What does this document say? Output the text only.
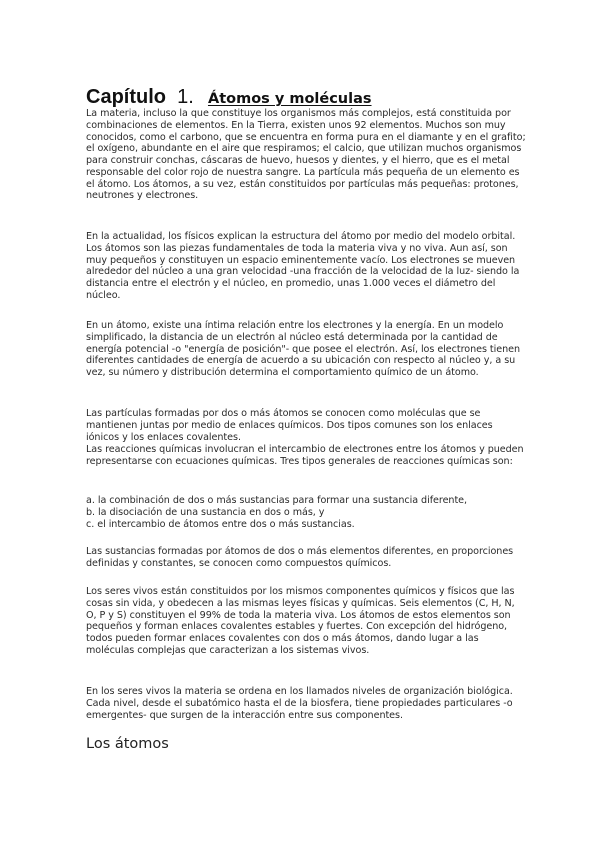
Capítulo 1. Átomos y moléculas

La materia, incluso la que constituye los organismos más complejos, está constituida por combinaciones de elementos. En la Tierra, existen unos 92 elementos. Muchos son muy conocidos, como el carbono, que se encuentra en forma pura en el diamante y en el grafito; el oxígeno, abundante en el aire que respiramos; el calcio, que utilizan muchos organismos para construir conchas, cáscaras de huevo, huesos y dientes, y el hierro, que es el metal responsable del color rojo de nuestra sangre. La partícula más pequeña de un elemento es el átomo. Los átomos, a su vez, están constituidos por partículas más pequeñas: protones, neutrones y electrones.

En la actualidad, los físicos explican la estructura del átomo por medio del modelo orbital. Los átomos son las piezas fundamentales de toda la materia viva y no viva. Aun así, son muy pequeños y constituyen un espacio eminentemente vacío. Los electrones se mueven alrededor del núcleo a una gran velocidad -una fracción de la velocidad de la luz- siendo la distancia entre el electrón y el núcleo, en promedio, unas 1.000 veces el diámetro del núcleo.

En un átomo, existe una íntima relación entre los electrones y la energía. En un modelo simplificado, la distancia de un electrón al núcleo está determinada por la cantidad de energía potencial -o "energía de posición"- que posee el electrón. Así, los electrones tienen diferentes cantidades de energía de acuerdo a su ubicación con respecto al núcleo y, a su vez, su número y distribución determina el comportamiento químico de un átomo.

Las partículas formadas por dos o más átomos se conocen como moléculas que se mantienen juntas por medio de enlaces químicos. Dos tipos comunes son los enlaces iónicos y los enlaces covalentes.

Las reacciones químicas involucran el intercambio de electrones entre los átomos y pueden representarse con ecuaciones químicas. Tres tipos generales de reacciones químicas son:

a. la combinación de dos o más sustancias para formar una sustancia diferente,
b. la disociación de una sustancia en dos o más, y
c. el intercambio de átomos entre dos o más sustancias.

Las sustancias formadas por átomos de dos o más elementos diferentes, en proporciones definidas y constantes, se conocen como compuestos químicos.

Los seres vivos están constituidos por los mismos componentes químicos y físicos que las cosas sin vida, y obedecen a las mismas leyes físicas y químicas. Seis elementos (C, H, N, O, P y S) constituyen el 99% de toda la materia viva. Los átomos de estos elementos son pequeños y forman enlaces covalentes estables y fuertes. Con excepción del hidrógeno, todos pueden formar enlaces covalentes con dos o más átomos, dando lugar a las moléculas complejas que caracterizan a los sistemas vivos.

En los seres vivos la materia se ordena en los llamados niveles de organización biológica. Cada nivel, desde el subatómico hasta el de la biosfera, tiene propiedades particulares -o emergentes- que surgen de la interacción entre sus componentes.

Los átomos
